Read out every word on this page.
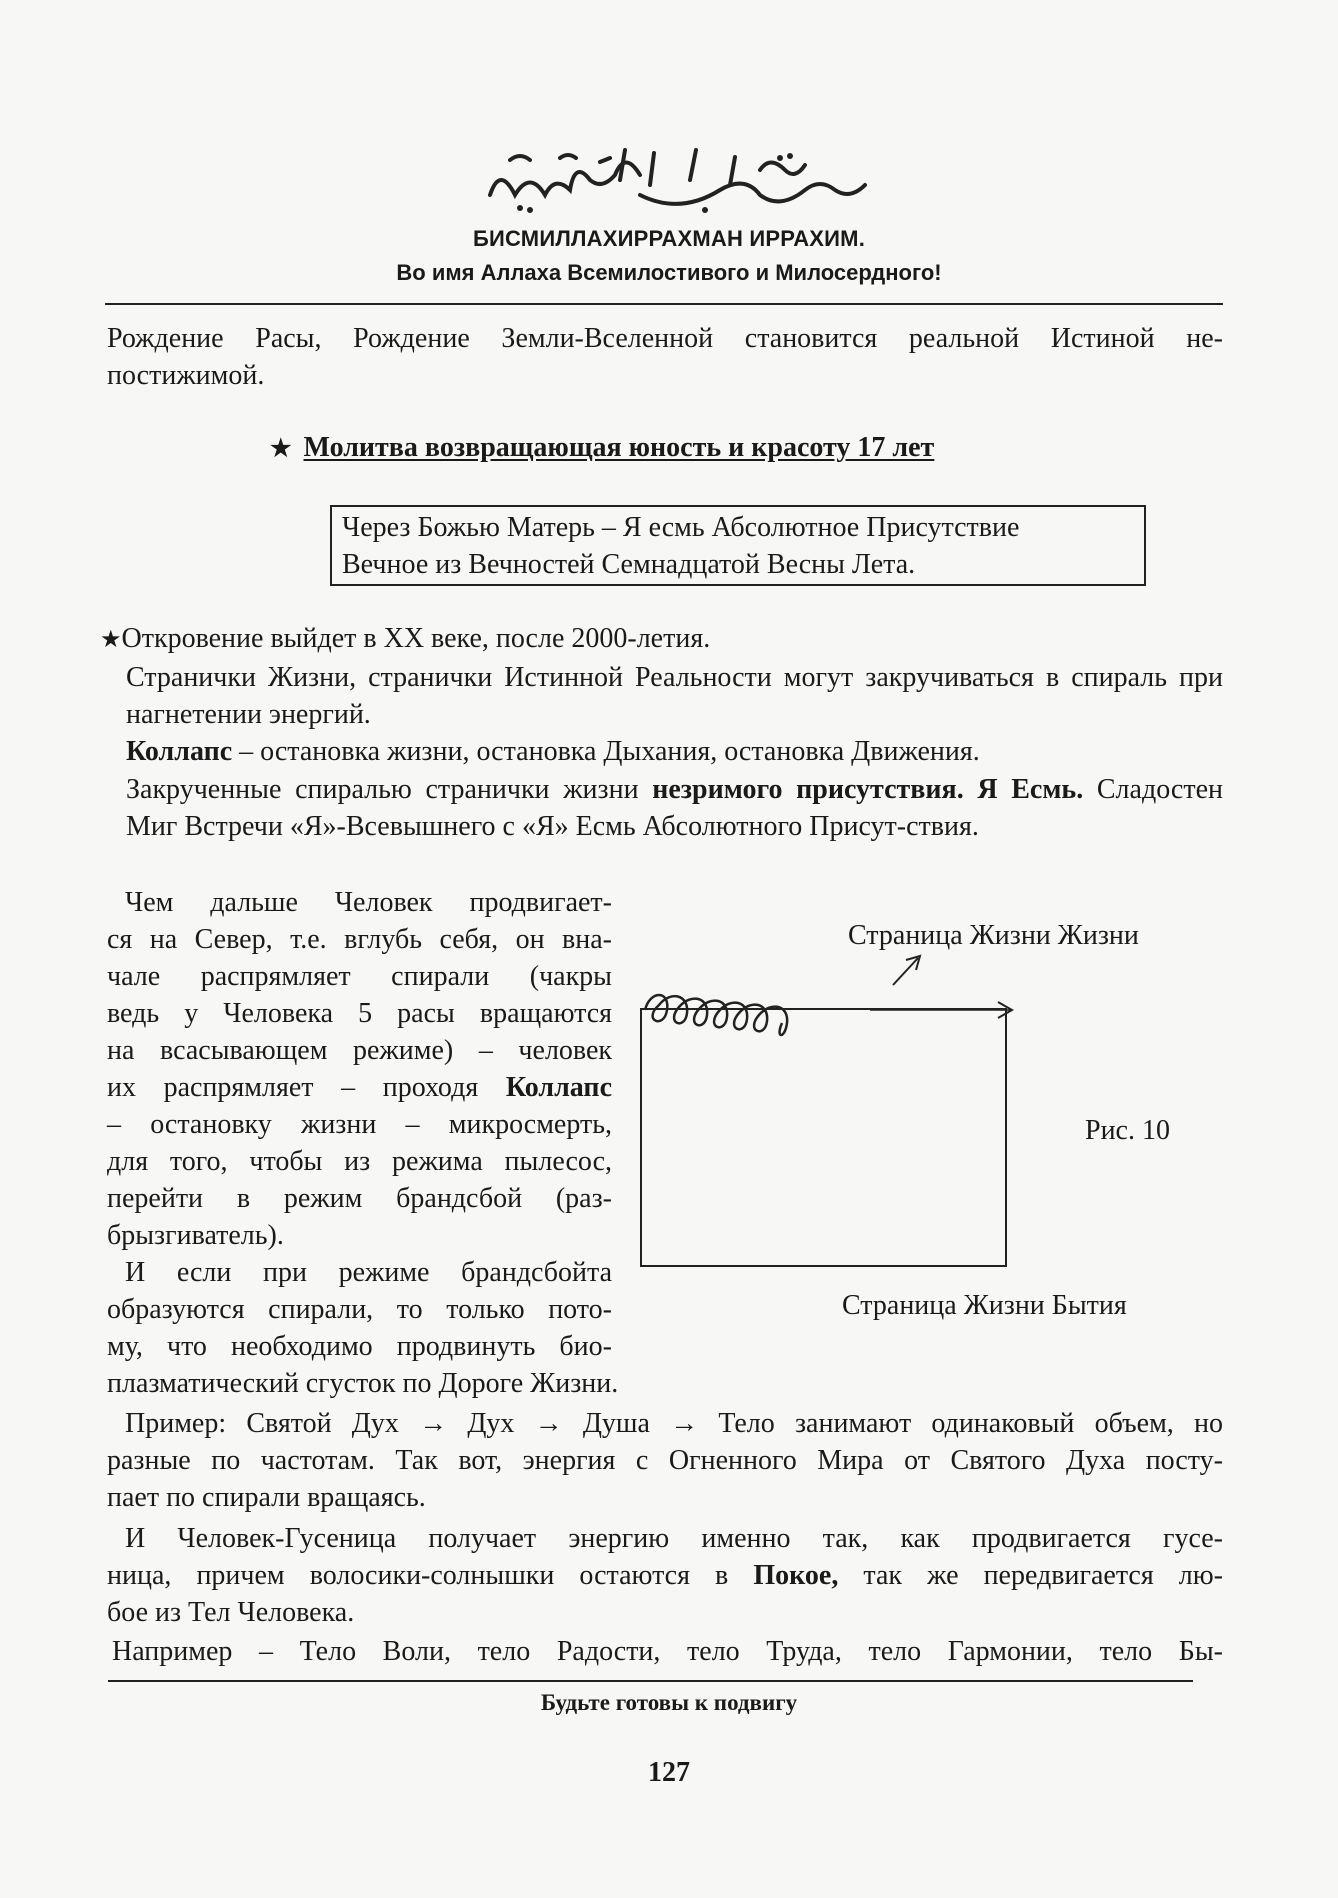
БИСМИЛЛАХИРРАХМАН ИРРАХИМ.
Во имя Аллаха Всемилостивого и Милосердного!
Рождение Расы, Рождение Земли-Вселенной становится реальной Истиной не-
постижимой.
★ Молитва возвращающая юность и красоту 17 лет
Через Божью Матерь – Я есмь Абсолютное Присутствие
Вечное из Вечностей Семнадцатой Весны Лета.
★Откровение выйдет в XX веке, после 2000-летия.
Странички Жизни, странички Истинной Реальности могут закручиваться в спираль при нагнетении энергий.
Коллапс – остановка жизни, остановка Дыхания, остановка Движения.
Закрученные спиралью странички жизни незримого присутствия. Я Есмь. Сладостен Миг Встречи «Я»-Всевышнего с «Я» Есмь Абсолютного Присут-ствия.
Чем дальше Человек продвигает-
ся на Север, т.е. вглубь себя, он вна-
чале распрямляет спирали (чакры
ведь у Человека 5 расы вращаются
на всасывающем режиме) – человек
их распрямляет – проходя Коллапс
– остановку жизни – микросмерть,
для того, чтобы из режима пылесос,
перейти в режим брандсбой (раз-
брызгиватель).
И если при режиме брандсбойта
образуются спирали, то только пото-
му, что необходимо продвинуть био-
плазматический сгусток по Дороге Жизни.
Страница Жизни Жизни
Рис. 10
Страница Жизни Бытия
Пример: Святой Дух → Дух → Душа → Тело занимают одинаковый объем, но
разные по частотам. Так вот, энергия с Огненного Мира от Святого Духа посту-
пает по спирали вращаясь.
И Человек-Гусеница получает энергию именно так, как продвигается гусе-
ница, причем волосики-солнышки остаются в Покое, так же передвигается лю-
бое из Тел Человека.
Например – Тело Воли, тело Радости, тело Труда, тело Гармонии, тело Бы-
Будьте готовы к подвигу
127
